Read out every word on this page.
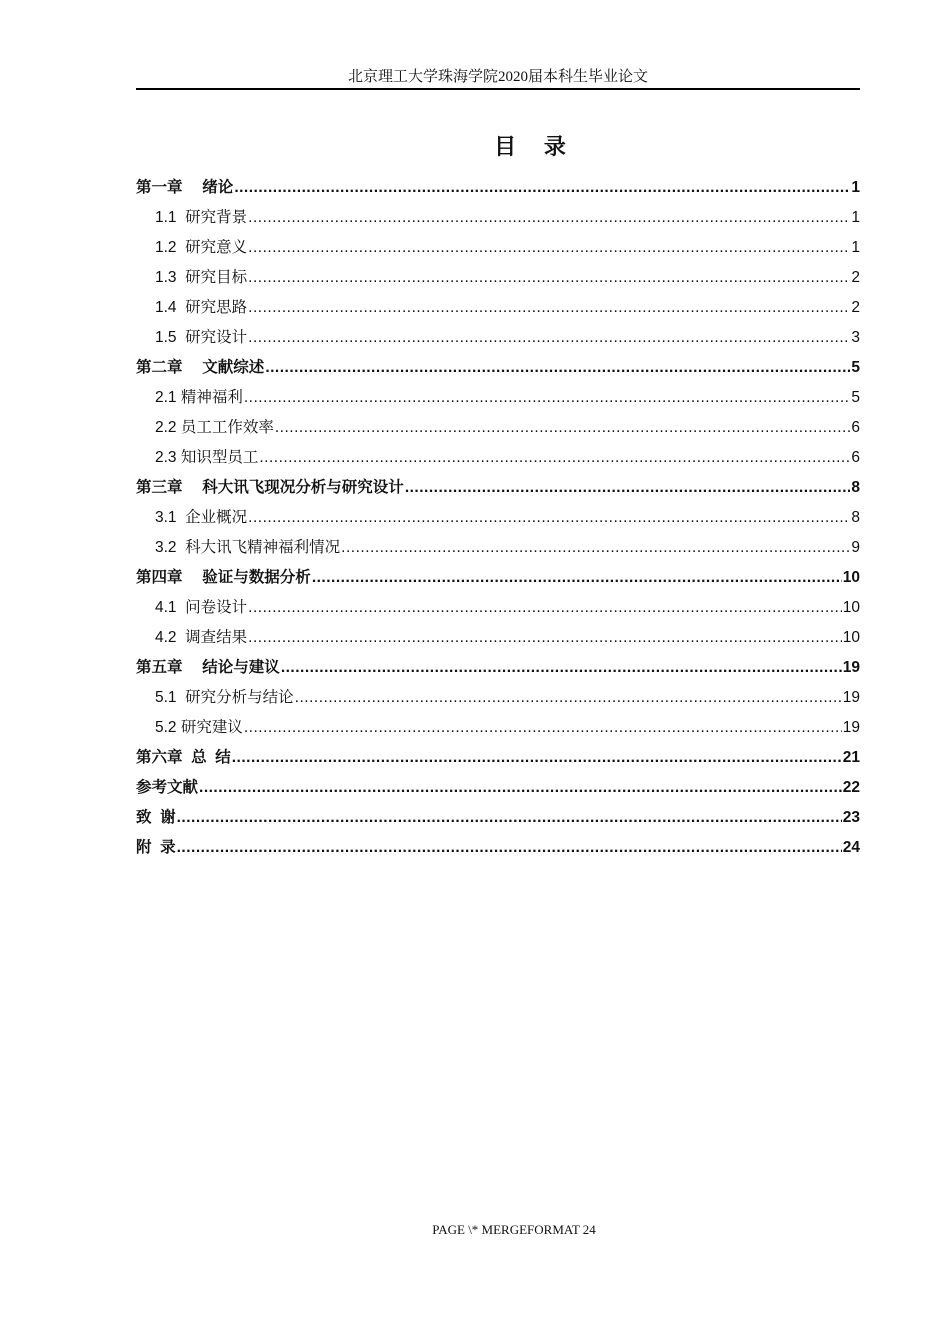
北京理工大学珠海学院2020届本科生毕业论文
目 录
第一章　 绪论 .....	1
1.1  研究背景 .....	1
1.2  研究意义 .....	1
1.3  研究目标 .....	2
1.4  研究思路 .....	2
1.5  研究设计 .....	3
第二章　 文献综述 .....	5
2.1 精神福利 .....	5
2.2 员工工作效率 .....	6
2.3 知识型员工 .....	6
第三章　 科大讯飞现况分析与研究设计 .....	8
3.1  企业概况 .....	8
3.2  科大讯飞精神福利情况 .....	9
第四章　 验证与数据分析 .....	10
4.1  问卷设计 .....	10
4.2  调查结果 .....	10
第五章　 结论与建议 .....	19
5.1  研究分析与结论 .....	19
5.2 研究建议 .....	19
第六章  总  结 .....	21
参考文献 .....	22
致  谢 .....	23
附  录 .....	24
PAGE \* MERGEFORMAT 24
